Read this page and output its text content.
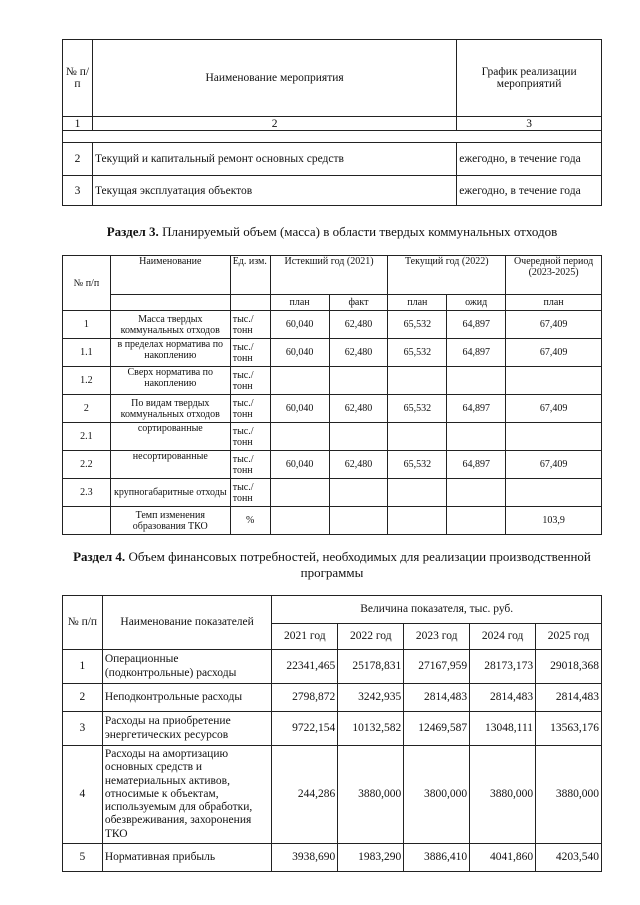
№ п/п	Наименование мероприятия	График реализации мероприятий
1	2	3

2	Текущий и капитальный ремонт основных средств	ежегодно, в течение года
3	Текущая эксплуатация объектов	ежегодно, в течение года
Раздел 3. Планируемый объем (масса) в области твердых коммунальных отходов
№ п/п	Наименование	Ед. изм.	Истекший год (2021)		Текущий год (2022)		Очередной период (2023-2025)
			план	факт	план	ожид	план
1	Масса твердых коммунальных отходов	тыс./ тонн	60,040	62,480	65,532	64,897	67,409
1.1	в пределах норматива по накоплению	тыс./ тонн	60,040	62,480	65,532	64,897	67,409
1.2	Сверх норматива по накоплению	тыс./ тонн					
2	По видам твердых коммунальных отходов	тыс./ тонн	60,040	62,480	65,532	64,897	67,409
2.1	сортированные	тыс./ тонн					
2.2	несортированные	тыс./ тонн	60,040	62,480	65,532	64,897	67,409
2.3	крупногабаритные отходы	тыс./ тонн					
	Темп изменения образования ТКО	%					103,9
Раздел 4. Объем финансовых потребностей, необходимых для реализации производственной программы
№ п/п	Наименование показателей	Величина показателя, тыс. руб.				
		2021 год	2022 год	2023 год	2024 год	2025 год
1	Операционные (подконтрольные) расходы	22341,465	25178,831	27167,959	28173,173	29018,368
2	Неподконтрольные расходы	2798,872	3242,935	2814,483	2814,483	2814,483
3	Расходы на приобретение энергетических ресурсов	9722,154	10132,582	12469,587	13048,111	13563,176
4	Расходы на амортизацию основных средств и нематериальных активов, относимые к объектам, используемым для обработки, обезвреживания, захоронения ТКО	244,286	3880,000	3800,000	3880,000	3880,000
5	Нормативная прибыль	3938,690	1983,290	3886,410	4041,860	4203,540
